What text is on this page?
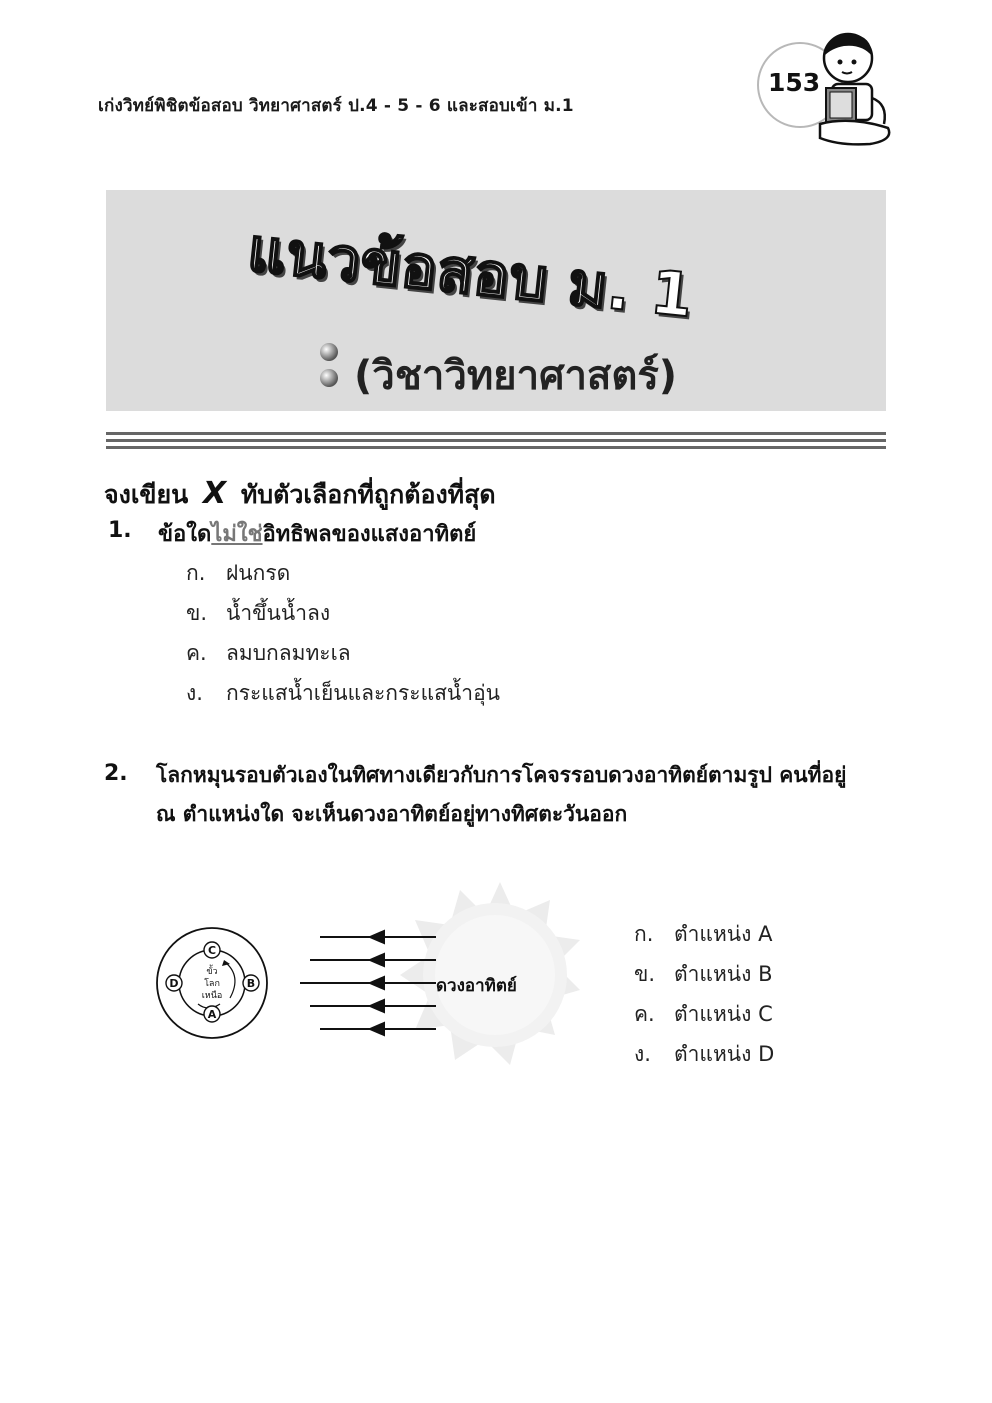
เก่งวิทย์พิชิตข้อสอบ วิทยาศาสตร์ ป.4 - 5 - 6 และสอบเข้า ม.1
153
แนวข้อสอบ ม. 1
(วิชาวิทยาศาสตร์)
จงเขียน X ทับตัวเลือกที่ถูกต้องที่สุด
1. ข้อใดไม่ใช่อิทธิพลของแสงอาทิตย์
ก. ฝนกรด
ข. น้ำขึ้นน้ำลง
ค. ลมบกลมทะเล
ง. กระแสน้ำเย็นและกระแสน้ำอุ่น
2. โลกหมุนรอบตัวเองในทิศทางเดียวกับการโคจรรอบดวงอาทิตย์ตามรูป คนที่อยู่
ณ ตำแหน่งใด จะเห็นดวงอาทิตย์อยู่ทางทิศตะวันออก
C
A
B
D
ขั้ว
โลก
เหนือ	ดวงอาทิตย์
ก. ตำแหน่ง A
ข. ตำแหน่ง B
ค. ตำแหน่ง C
ง. ตำแหน่ง D
